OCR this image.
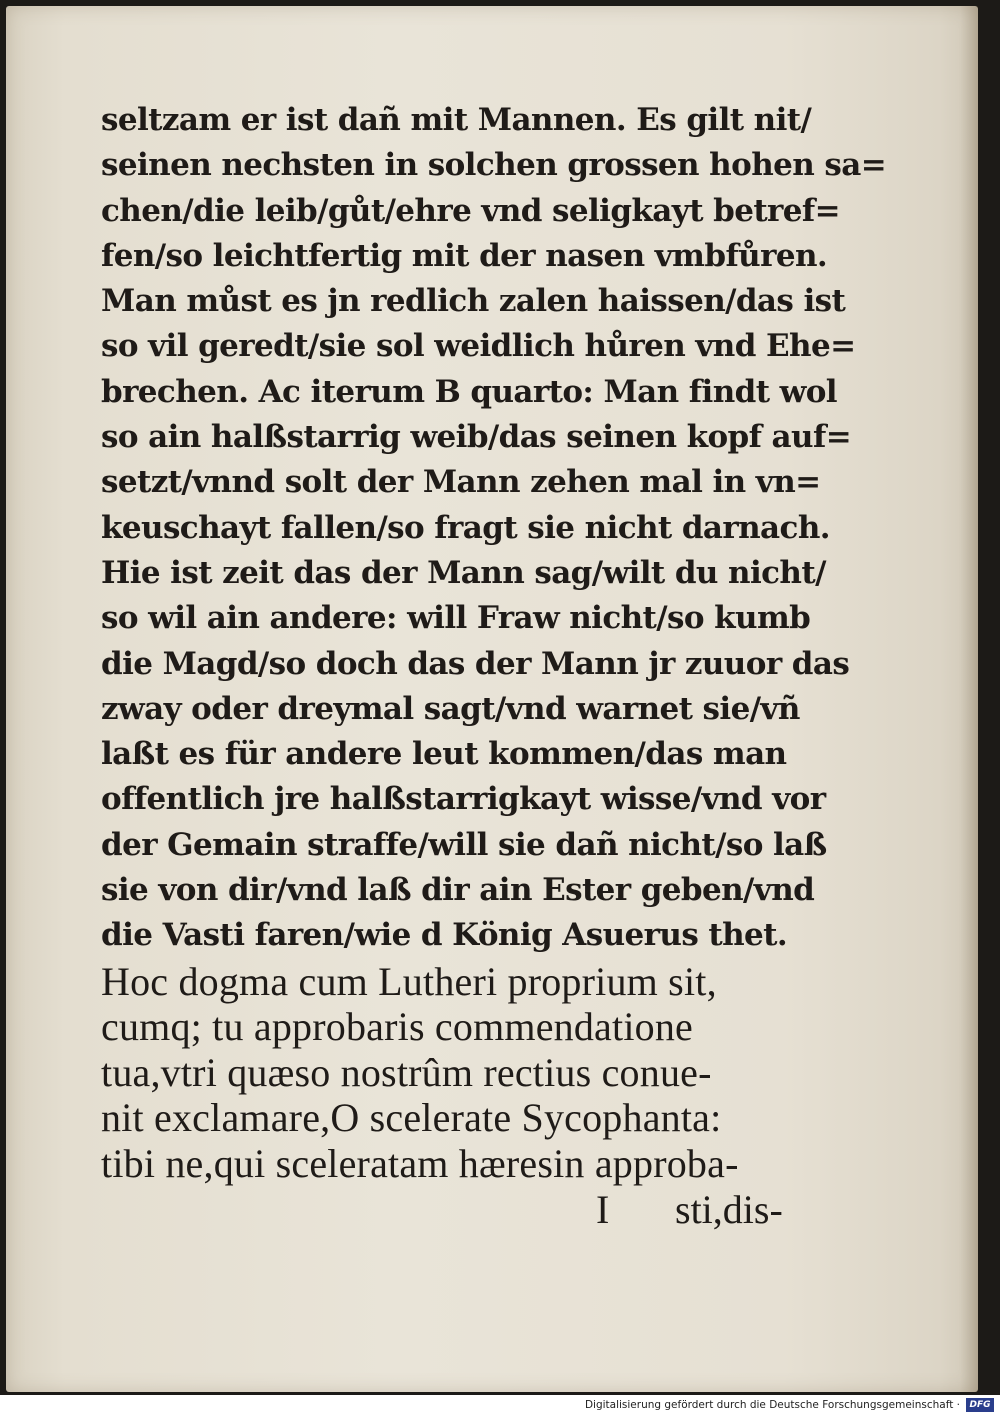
seltzam er ist dañ mit Mannen. Es gilt nit/
seinen nechsten in solchen grossen hohen sa=
chen/die leib/gůt/ehre vnd seligkayt betref=
fen/so leichtfertig mit der nasen vmbfůren.
Man můst es jn redlich zalen haissen/das ist
so vil geredt/sie sol weidlich hůren vnd Ehe=
brechen. Ac iterum B quarto: Man findt wol
so ain halßstarrig weib/das seinen kopf auf=
setzt/vnnd solt der Mann zehen mal in vn=
keuschayt fallen/so fragt sie nicht darnach.
Hie ist zeit das der Mann sag/wilt du nicht/
so wil ain andere: will Fraw nicht/so kumb
die Magd/so doch das der Mann jr zuuor das
zway oder dreymal sagt/vnd warnet sie/vñ
laßt es für andere leut kommen/das man
offentlich jre halßstarrigkayt wisse/vnd vor
der Gemain straffe/will sie dañ nicht/so laß
sie von dir/vnd laß dir ain Ester geben/vnd
die Vasti faren/wie d König Asuerus thet.
Hoc dogma cum Lutheri proprium sit,
cumq; tu approbaris commendatione
tua,vtri quæso nostrûm rectius conue-
nit exclamare,O scelerate Sycophanta:
tibi ne,qui sceleratam hæresin approba-
I sti,dis-
Digitalisierung gefördert durch die Deutsche Forschungsgemeinschaft ·	DFG
